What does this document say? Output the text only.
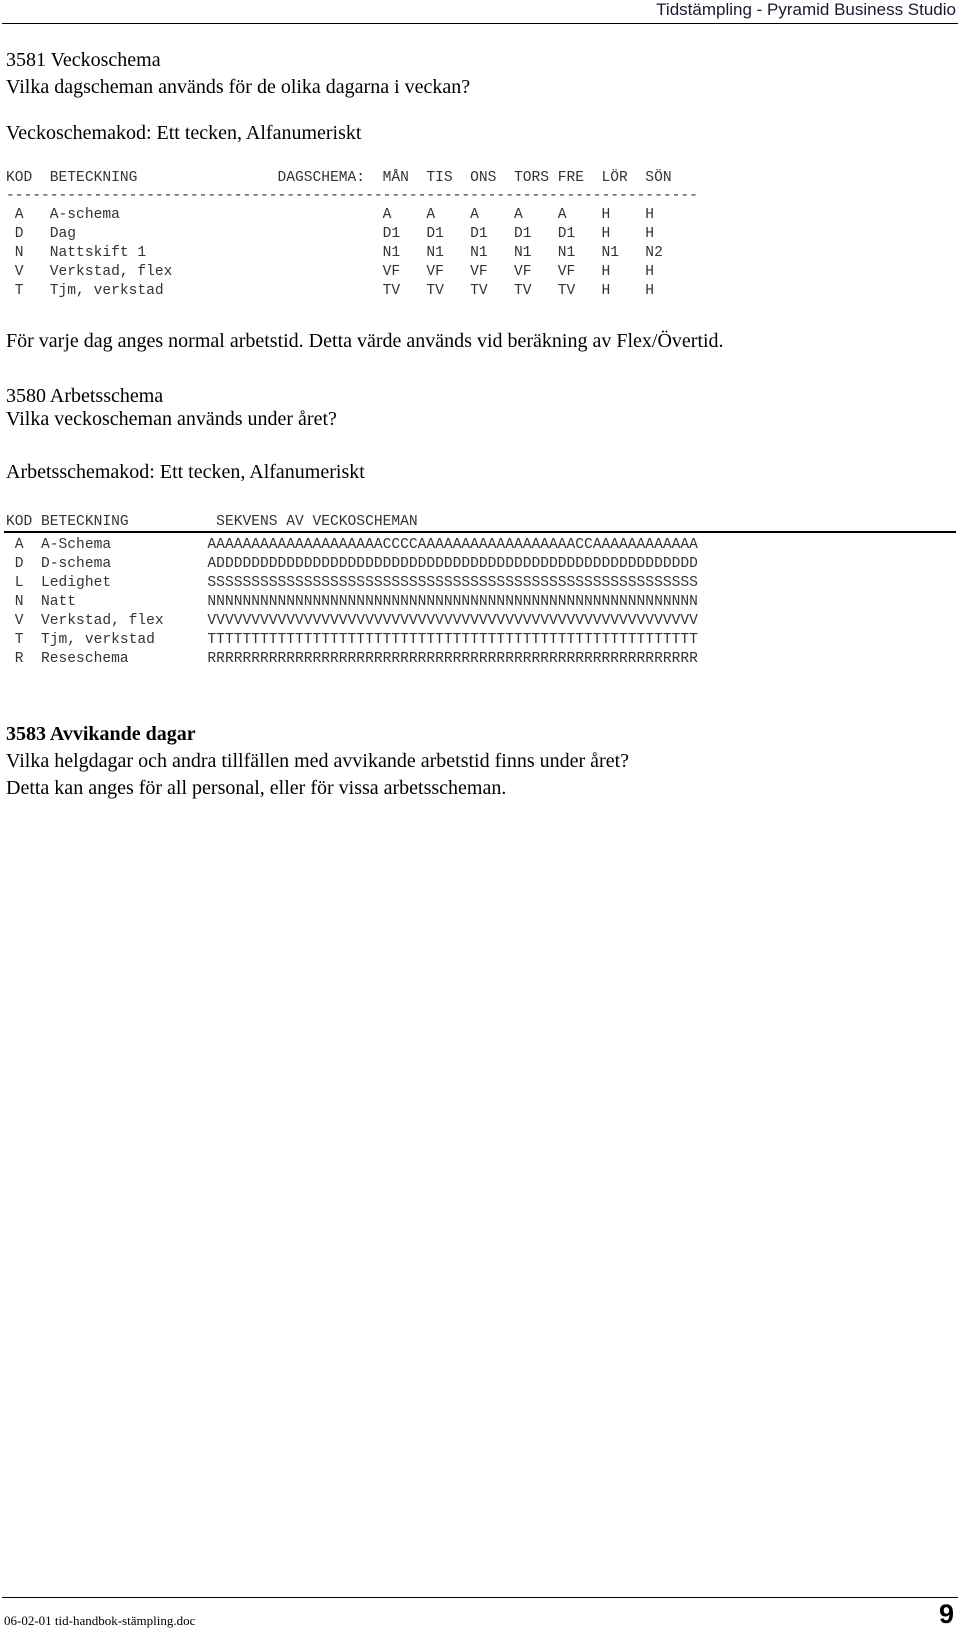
Tidstämpling - Pyramid Business Studio
3581 Veckoschema
Vilka dagscheman används för de olika dagarna i veckan?
Veckoschemakod: Ett tecken, Alfanumeriskt
KOD  BETECKNING                DAGSCHEMA:  MÅN  TIS  ONS  TORS FRE  LÖR  SÖN
-------------------------------------------------------------------------------
A   A-schema                              A    A    A    A    A    H    H
D   Dag                                   D1   D1   D1   D1   D1   H    H
N   Nattskift 1                           N1   N1   N1   N1   N1   N1   N2
V   Verkstad, flex                        VF   VF   VF   VF   VF   H    H
T   Tjm, verkstad                         TV   TV   TV   TV   TV   H    H
För varje dag anges normal arbetstid. Detta värde används vid beräkning av Flex/Övertid.
3580 Arbetsschema
Vilka veckoscheman används under året?
Arbetsschemakod: Ett tecken, Alfanumeriskt
KOD BETECKNING          SEKVENS AV VECKOSCHEMAN
A  A-Schema           AAAAAAAAAAAAAAAAAAAACCCCAAAAAAAAAAAAAAAAAACCAAAAAAAAAAAA
D  D-schema           ADDDDDDDDDDDDDDDDDDDDDDDDDDDDDDDDDDDDDDDDDDDDDDDDDDDDDDD
L  Ledighet           SSSSSSSSSSSSSSSSSSSSSSSSSSSSSSSSSSSSSSSSSSSSSSSSSSSSSSSS
N  Natt               NNNNNNNNNNNNNNNNNNNNNNNNNNNNNNNNNNNNNNNNNNNNNNNNNNNNNNNN
V  Verkstad, flex     VVVVVVVVVVVVVVVVVVVVVVVVVVVVVVVVVVVVVVVVVVVVVVVVVVVVVVVV
T  Tjm, verkstad      TTTTTTTTTTTTTTTTTTTTTTTTTTTTTTTTTTTTTTTTTTTTTTTTTTTTTTTT
R  Reseschema         RRRRRRRRRRRRRRRRRRRRRRRRRRRRRRRRRRRRRRRRRRRRRRRRRRRRRRRR
3583 Avvikande dagar
Vilka helgdagar och andra tillfällen med avvikande arbetstid finns under året?
Detta kan anges för all personal, eller för vissa arbetsscheman.
06-02-01 tid-handbok-stämpling.doc	9
